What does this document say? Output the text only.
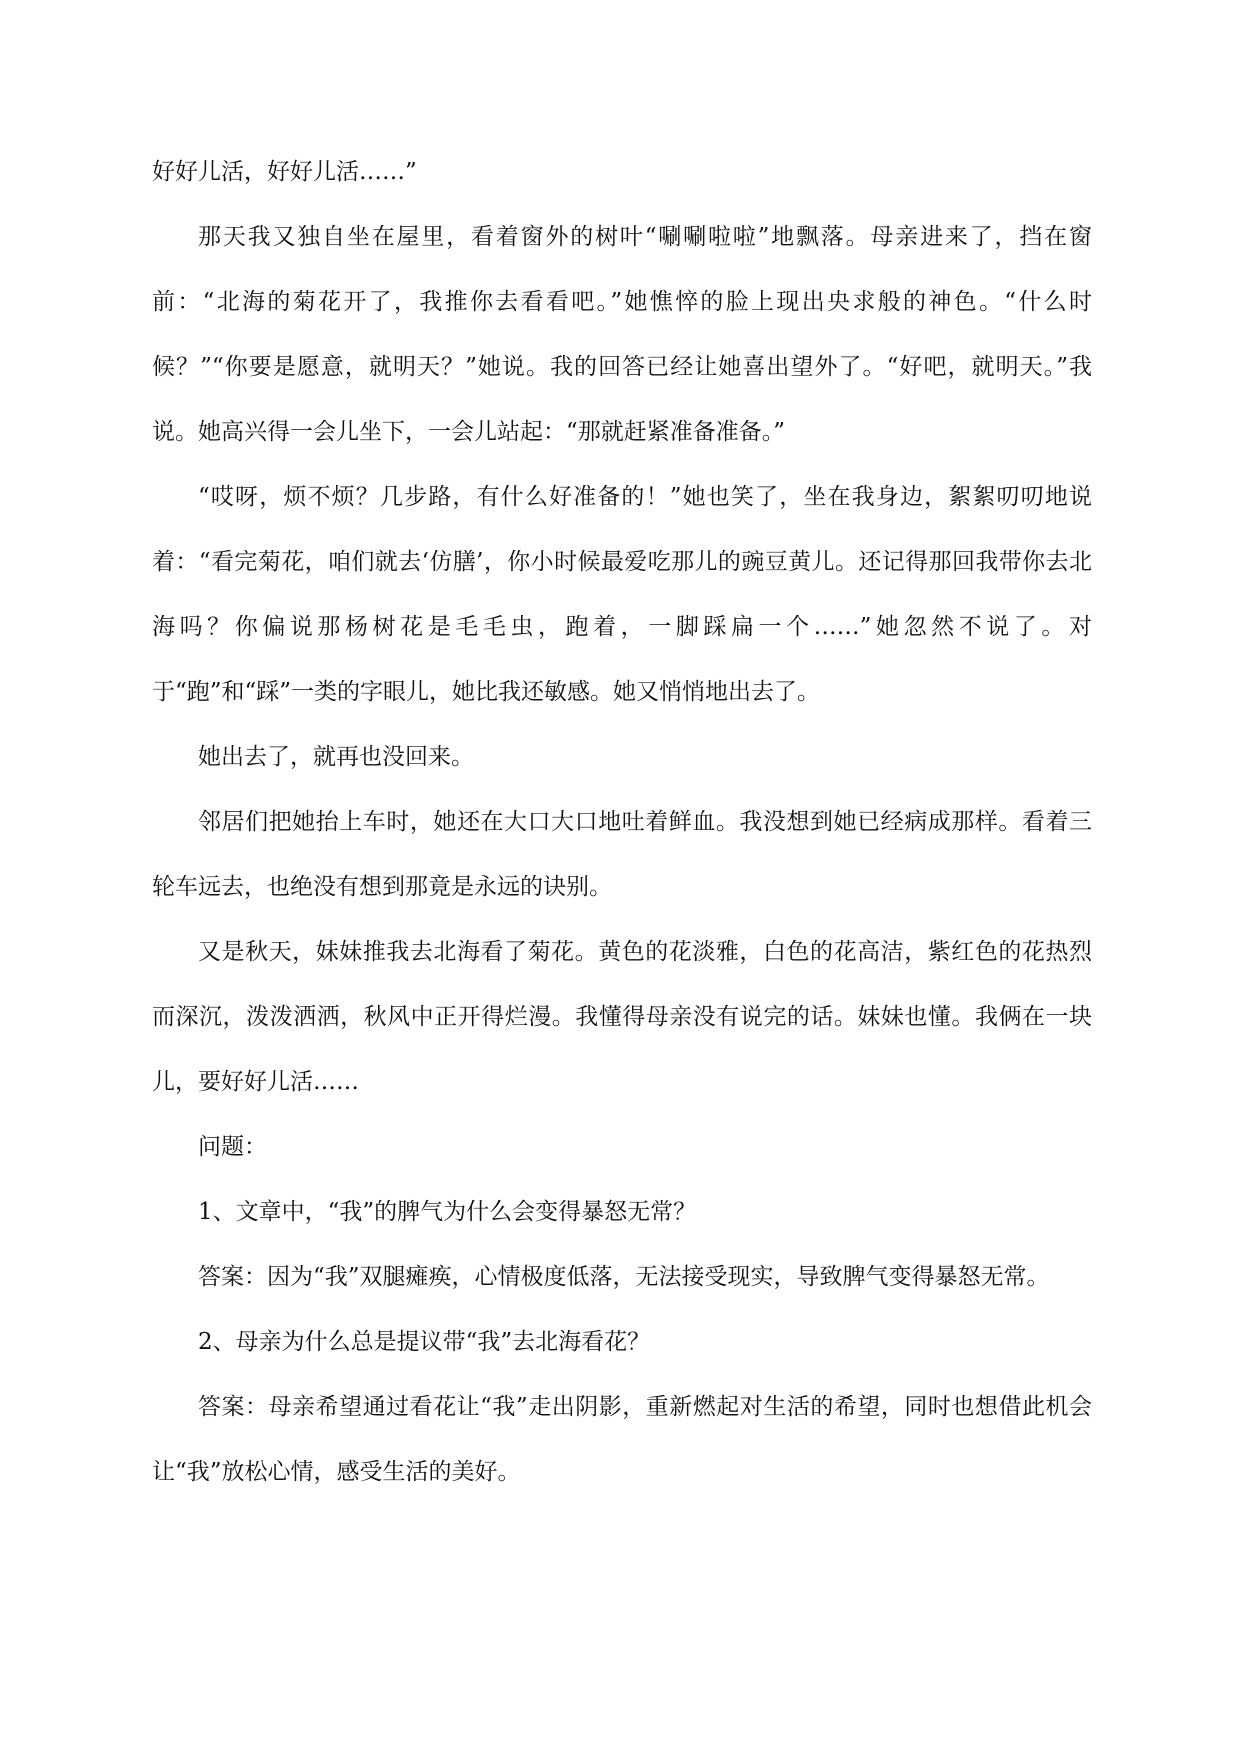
好好儿活，好好儿活……”

那天我又独自坐在屋里，看着窗外的树叶“唰唰啦啦”地飘落。母亲进来了，挡在窗前：“北海的菊花开了，我推你去看看吧。”她憔悴的脸上现出央求般的神色。“什么时候？”“你要是愿意，就明天？”她说。我的回答已经让她喜出望外了。“好吧，就明天。”我说。她高兴得一会儿坐下，一会儿站起：“那就赶紧准备准备。”

“哎呀，烦不烦？几步路，有什么好准备的！”她也笑了，坐在我身边，絮絮叨叨地说着：“看完菊花，咱们就去‘仿膳’，你小时候最爱吃那儿的豌豆黄儿。还记得那回我带你去北海吗？你偏说那杨树花是毛毛虫，跑着，一脚踩扁一个……”她忽然不说了。对于“跑”和“踩”一类的字眼儿，她比我还敏感。她又悄悄地出去了。

她出去了，就再也没回来。

邻居们把她抬上车时，她还在大口大口地吐着鲜血。我没想到她已经病成那样。看着三轮车远去，也绝没有想到那竟是永远的诀别。

又是秋天，妹妹推我去北海看了菊花。黄色的花淡雅，白色的花高洁，紫红色的花热烈而深沉，泼泼洒洒，秋风中正开得烂漫。我懂得母亲没有说完的话。妹妹也懂。我俩在一块儿，要好好儿活……

问题：

1、文章中，“我”的脾气为什么会变得暴怒无常？

答案：因为“我”双腿瘫痪，心情极度低落，无法接受现实，导致脾气变得暴怒无常。

2、母亲为什么总是提议带“我”去北海看花？

答案：母亲希望通过看花让“我”走出阴影，重新燃起对生活的希望，同时也想借此机会让“我”放松心情，感受生活的美好。
